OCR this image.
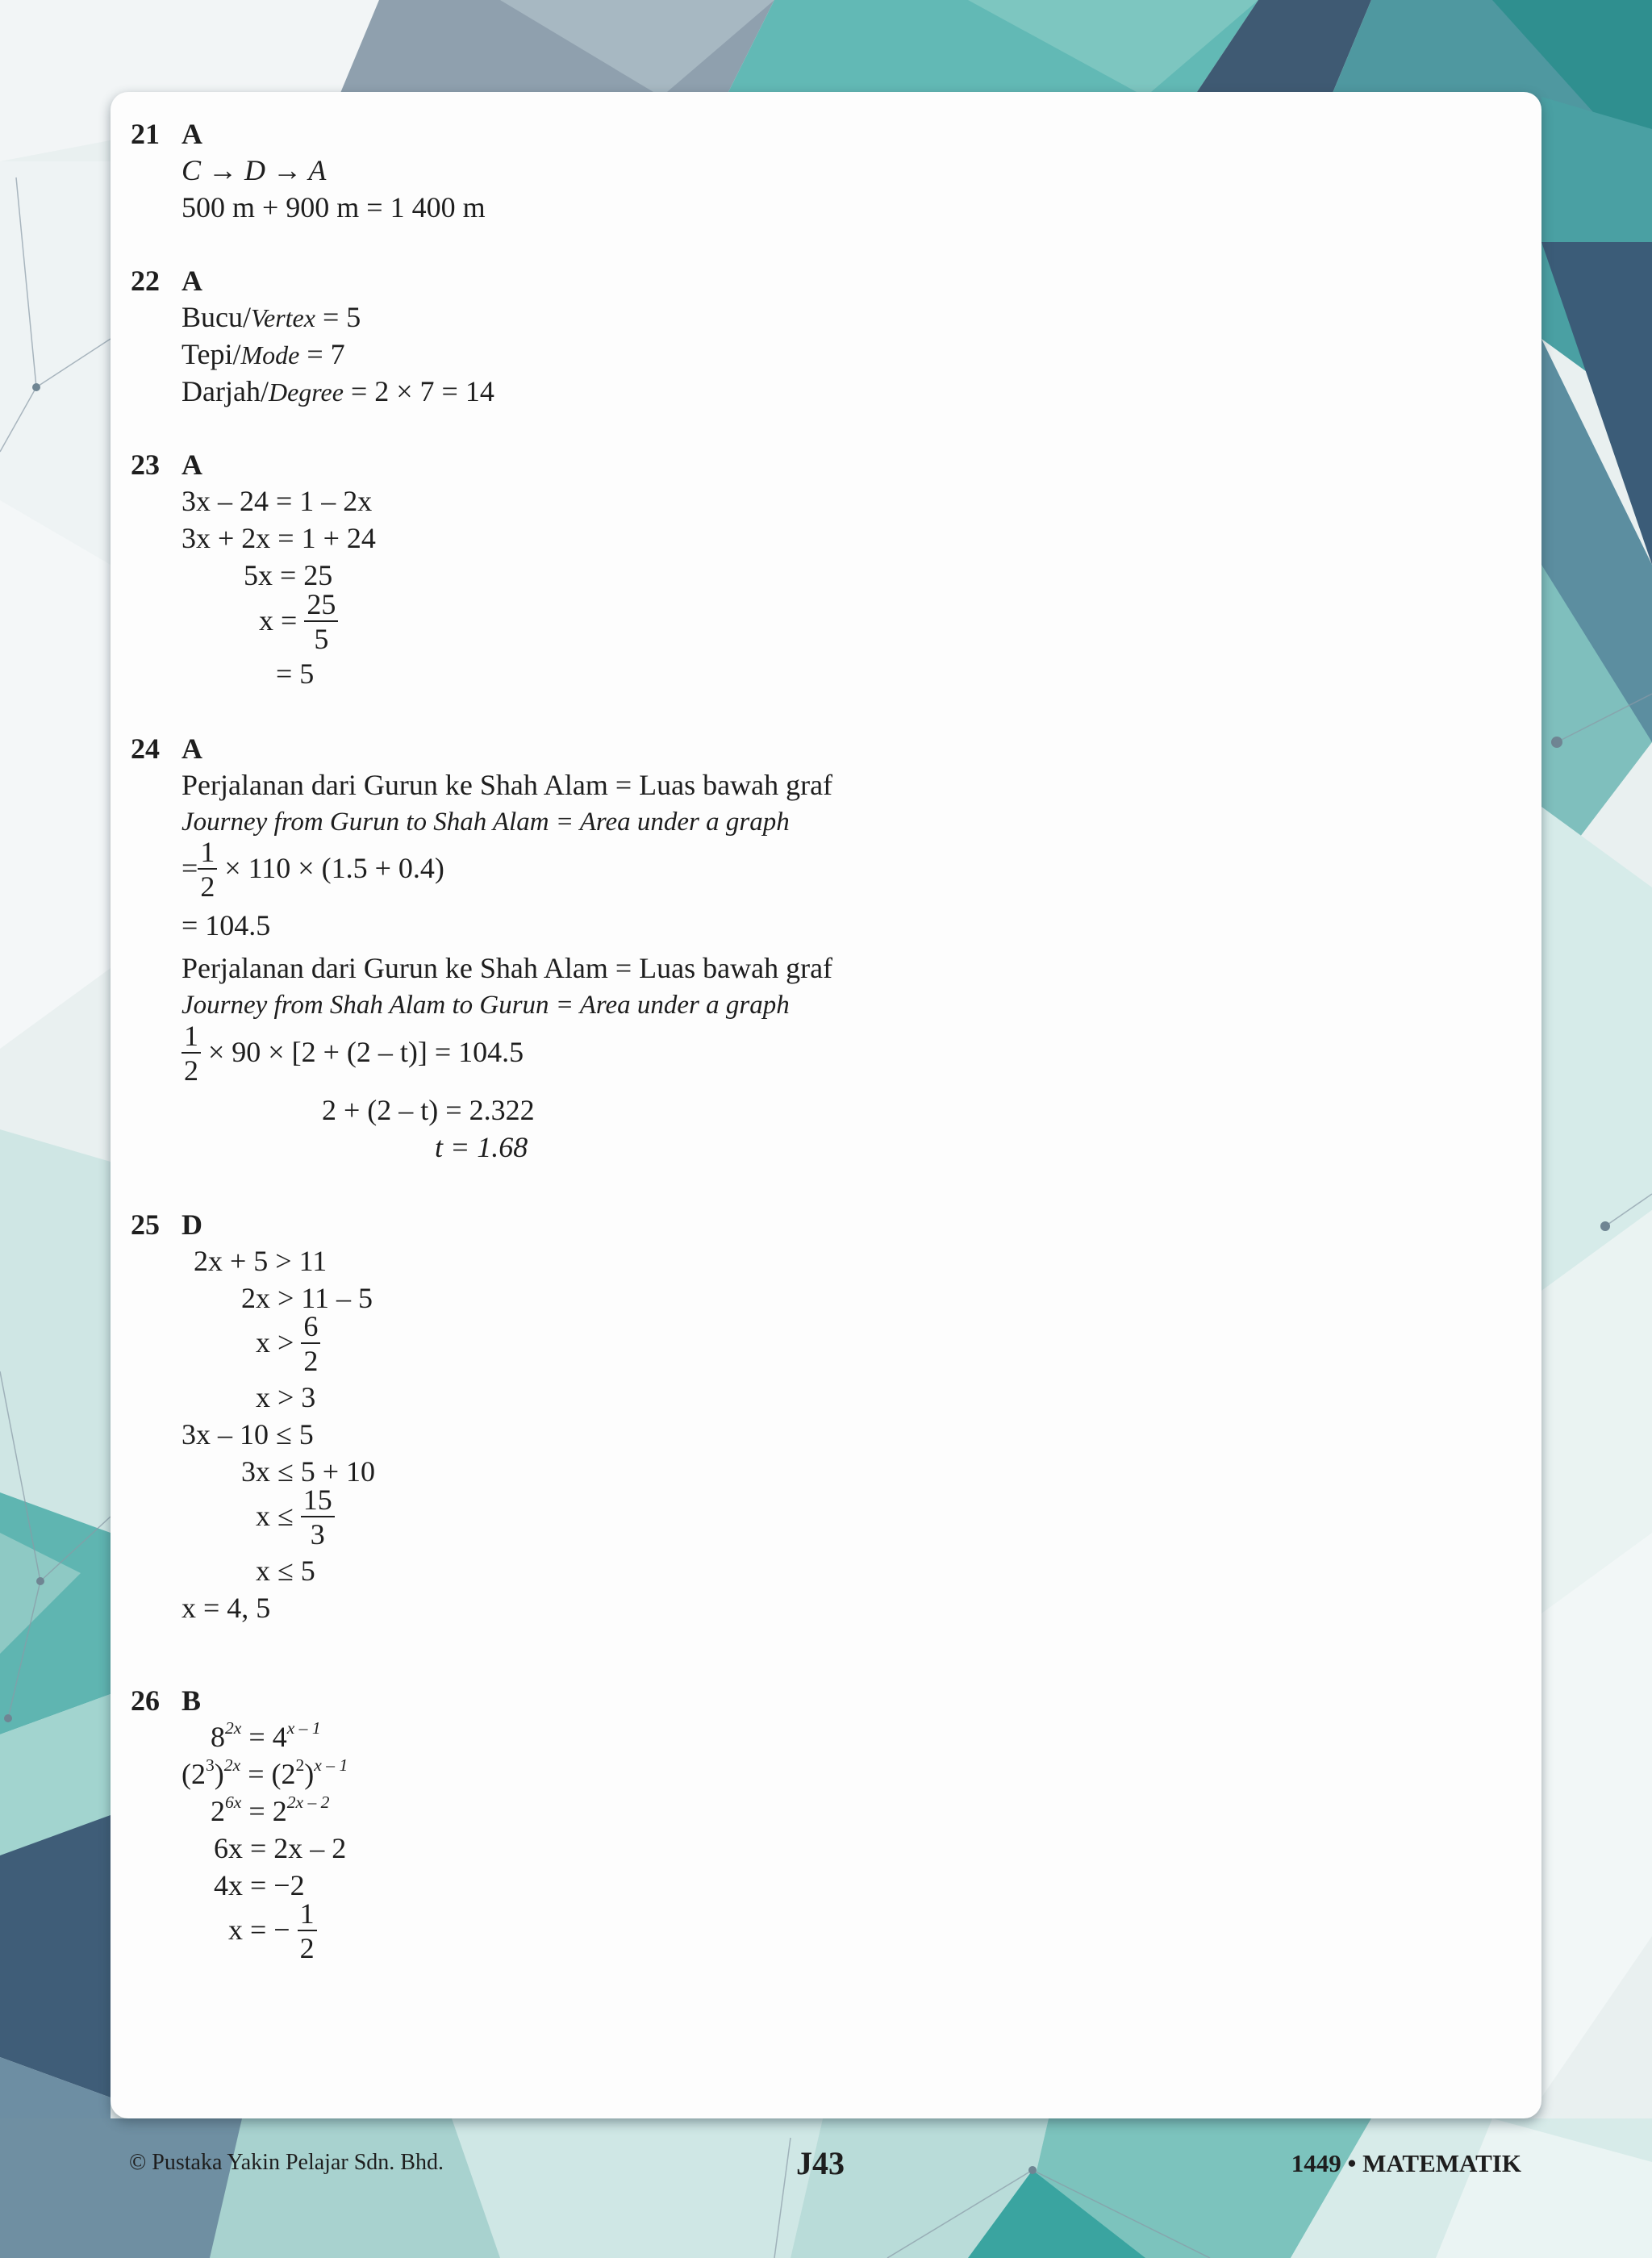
21 A
C → D → A
500 m + 900 m = 1 400 m
22 A
Bucu/Vertex = 5
Tepi/Mode = 7
Darjah/Degree = 2 × 7 = 14
23 A
3x – 24 = 1 – 2x
3x + 2x = 1 + 24
5x = 25
$x = \frac{25}{5}$
= 5
24 A
Perjalanan dari Gurun ke Shah Alam = Luas bawah graf
Journey from Gurun to Shah Alam = Area under a graph
= $\frac{1}{2} \times 110 \times (1.5 + 0.4)$
= 104.5
Perjalanan dari Gurun ke Shah Alam = Luas bawah graf
Journey from Shah Alam to Gurun = Area under a graph
$\frac{1}{2} \times 90 \times [2 + (2 - t)] = 104.5$
2 + (2 – t) = 2.322
t = 1.68
25 D
2x + 5 > 11
2x > 11 – 5
$x > \frac{6}{2}$
x > 3
3x – 10 ≤ 5
3x ≤ 5 + 10
$x \le \frac{15}{3}$
x ≤ 5
x = 4, 5
26 B
$8^{2x} = 4^{x - 1}$
$(2^3)^{2x} = (2^2)^{x - 1}$
$2^{6x} = 2^{2x - 2}$
6x = 2x – 2
4x = −2
x = − $\frac{1}{2}$
© Pustaka Yakin Pelajar Sdn. Bhd.	J43	1449 • MATEMATIK
